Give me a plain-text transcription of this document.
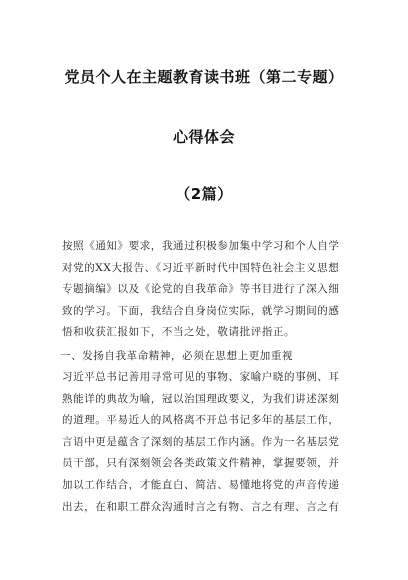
党员个人在主题教育读书班（第二专题）
心得体会
（2篇）
按照《通知》要求，我通过积极参加集中学习和个人自学
对党的XX大报告、《习近平新时代中国特色社会主义思想
专题摘编》以及《论党的自我革命》等书目进行了深入细
致的学习。下面，我结合自身岗位实际，就学习期间的感
悟和收获汇报如下，不当之处，敬请批评指正。
一、发扬自我革命精神，必须在思想上更加重视
习近平总书记善用寻常可见的事物、家喻户晓的事例、耳
熟能详的典故为喻，冠以治国理政要义，为我们讲述深刻
的道理。平易近人的风格离不开总书记多年的基层工作，
言语中更是蕴含了深刻的基层工作内涵。作为一名基层党
员干部，只有深刻领会各类政策文件精神，掌握要领，并
加以工作结合，才能直白、简洁、易懂地将党的声音传递
出去，在和职工群众沟通时言之有物、言之有理、言之有
